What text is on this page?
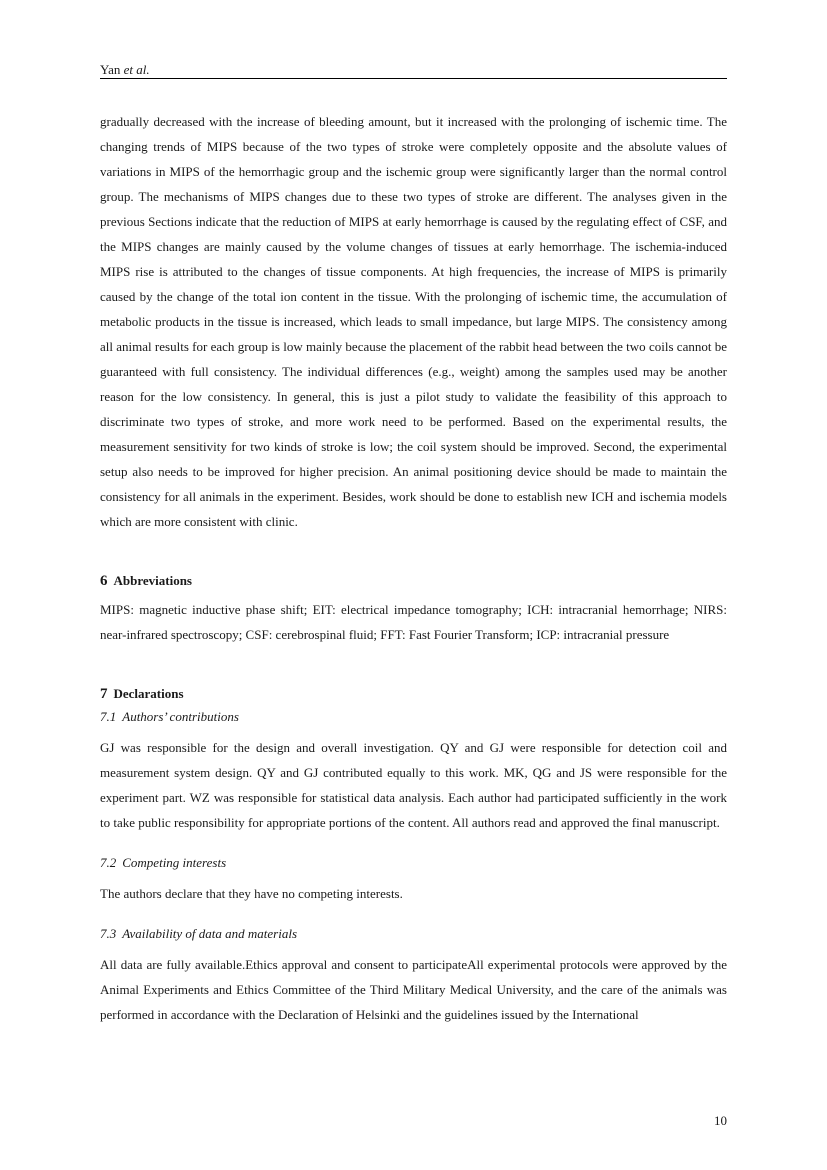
Yan et al.

gradually decreased with the increase of bleeding amount, but it increased with the prolonging of ischemic time. The changing trends of MIPS because of the two types of stroke were completely opposite and the absolute values of variations in MIPS of the hemorrhagic group and the ischemic group were significantly larger than the normal control group. The mechanisms of MIPS changes due to these two types of stroke are different. The analyses given in the previous Sections indicate that the reduction of MIPS at early hemorrhage is caused by the regulating effect of CSF, and the MIPS changes are mainly caused by the volume changes of tissues at early hemorrhage. The ischemia-induced MIPS rise is attributed to the changes of tissue components. At high frequencies, the increase of MIPS is primarily caused by the change of the total ion content in the tissue. With the prolonging of ischemic time, the accumulation of metabolic products in the tissue is increased, which leads to small impedance, but large MIPS. The consistency among all animal results for each group is low mainly because the placement of the rabbit head between the two coils cannot be guaranteed with full consistency. The individual differences (e.g., weight) among the samples used may be another reason for the low consistency. In general, this is just a pilot study to validate the feasibility of this approach to discriminate two types of stroke, and more work need to be performed. Based on the experimental results, the measurement sensitivity for two kinds of stroke is low; the coil system should be improved. Second, the experimental setup also needs to be improved for higher precision. An animal positioning device should be made to maintain the consistency for all animals in the experiment. Besides, work should be done to establish new ICH and ischemia models which are more consistent with clinic.

6 Abbreviations

MIPS: magnetic inductive phase shift; EIT: electrical impedance tomography; ICH: intracranial hemorrhage; NIRS: near-infrared spectroscopy; CSF: cerebrospinal fluid; FFT: Fast Fourier Transform; ICP: intracranial pressure

7 Declarations
7.1 Authors’ contributions

GJ was responsible for the design and overall investigation. QY and GJ were responsible for detection coil and measurement system design. QY and GJ contributed equally to this work. MK, QG and JS were responsible for the experiment part. WZ was responsible for statistical data analysis. Each author had participated sufficiently in the work to take public responsibility for appropriate portions of the content. All authors read and approved the final manuscript.

7.2 Competing interests

The authors declare that they have no competing interests.

7.3 Availability of data and materials

All data are fully available.Ethics approval and consent to participateAll experimental protocols were approved by the Animal Experiments and Ethics Committee of the Third Military Medical University, and the care of the animals was performed in accordance with the Declaration of Helsinki and the guidelines issued by the International

10
